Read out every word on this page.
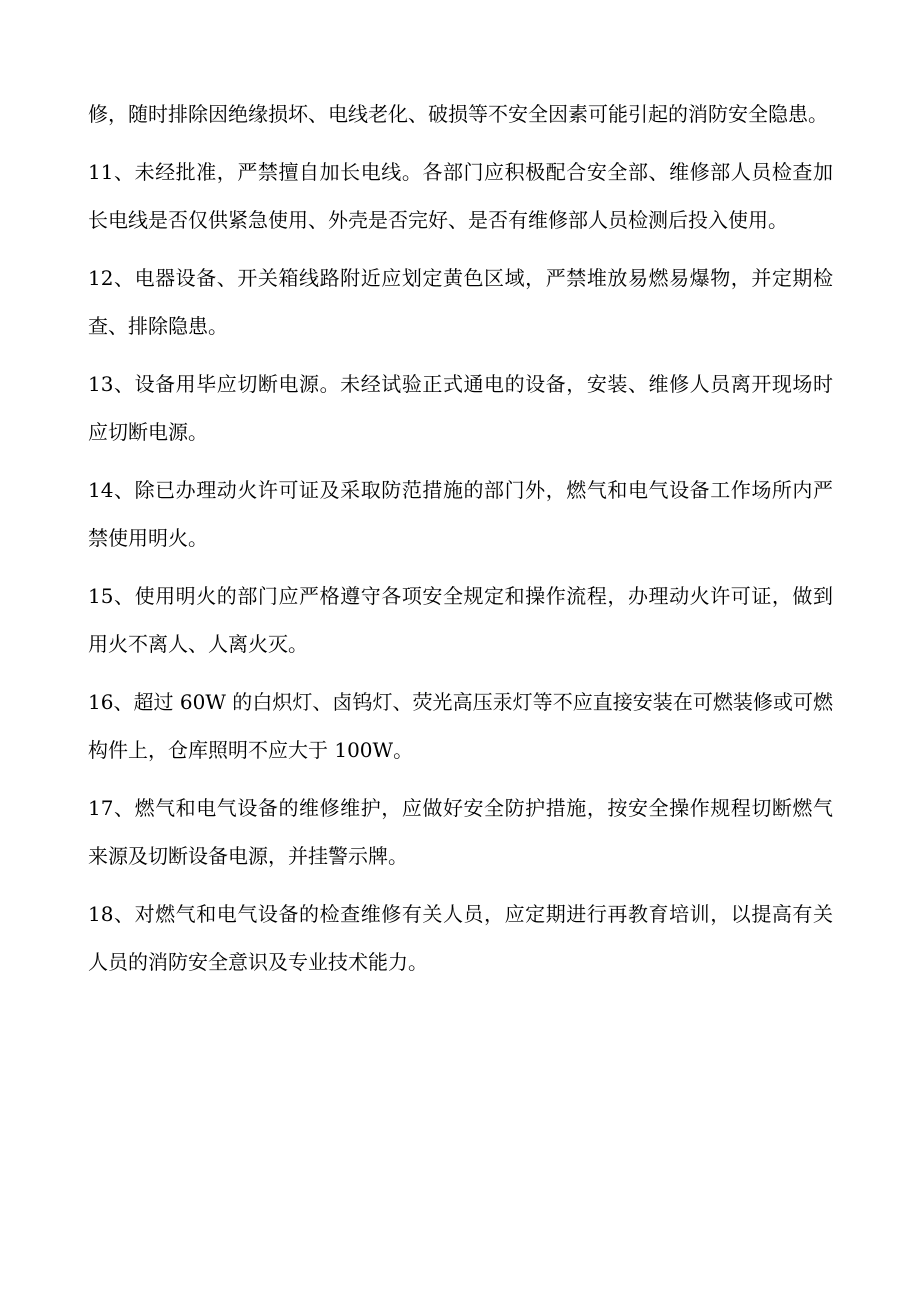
修，随时排除因绝缘损坏、电线老化、破损等不安全因素可能引起的消防安全隐患。

11、未经批准，严禁擅自加长电线。各部门应积极配合安全部、维修部人员检查加长电线是否仅供紧急使用、外壳是否完好、是否有维修部人员检测后投入使用。

12、电器设备、开关箱线路附近应划定黄色区域，严禁堆放易燃易爆物，并定期检查、排除隐患。

13、设备用毕应切断电源。未经试验正式通电的设备，安装、维修人员离开现场时应切断电源。

14、除已办理动火许可证及采取防范措施的部门外，燃气和电气设备工作场所内严禁使用明火。

15、使用明火的部门应严格遵守各项安全规定和操作流程，办理动火许可证，做到用火不离人、人离火灭。

16、超过 60W 的白炽灯、卤钨灯、荧光高压汞灯等不应直接安装在可燃装修或可燃构件上，仓库照明不应大于 100W。

17、燃气和电气设备的维修维护，应做好安全防护措施，按安全操作规程切断燃气来源及切断设备电源，并挂警示牌。

18、对燃气和电气设备的检查维修有关人员，应定期进行再教育培训，以提高有关人员的消防安全意识及专业技术能力。
